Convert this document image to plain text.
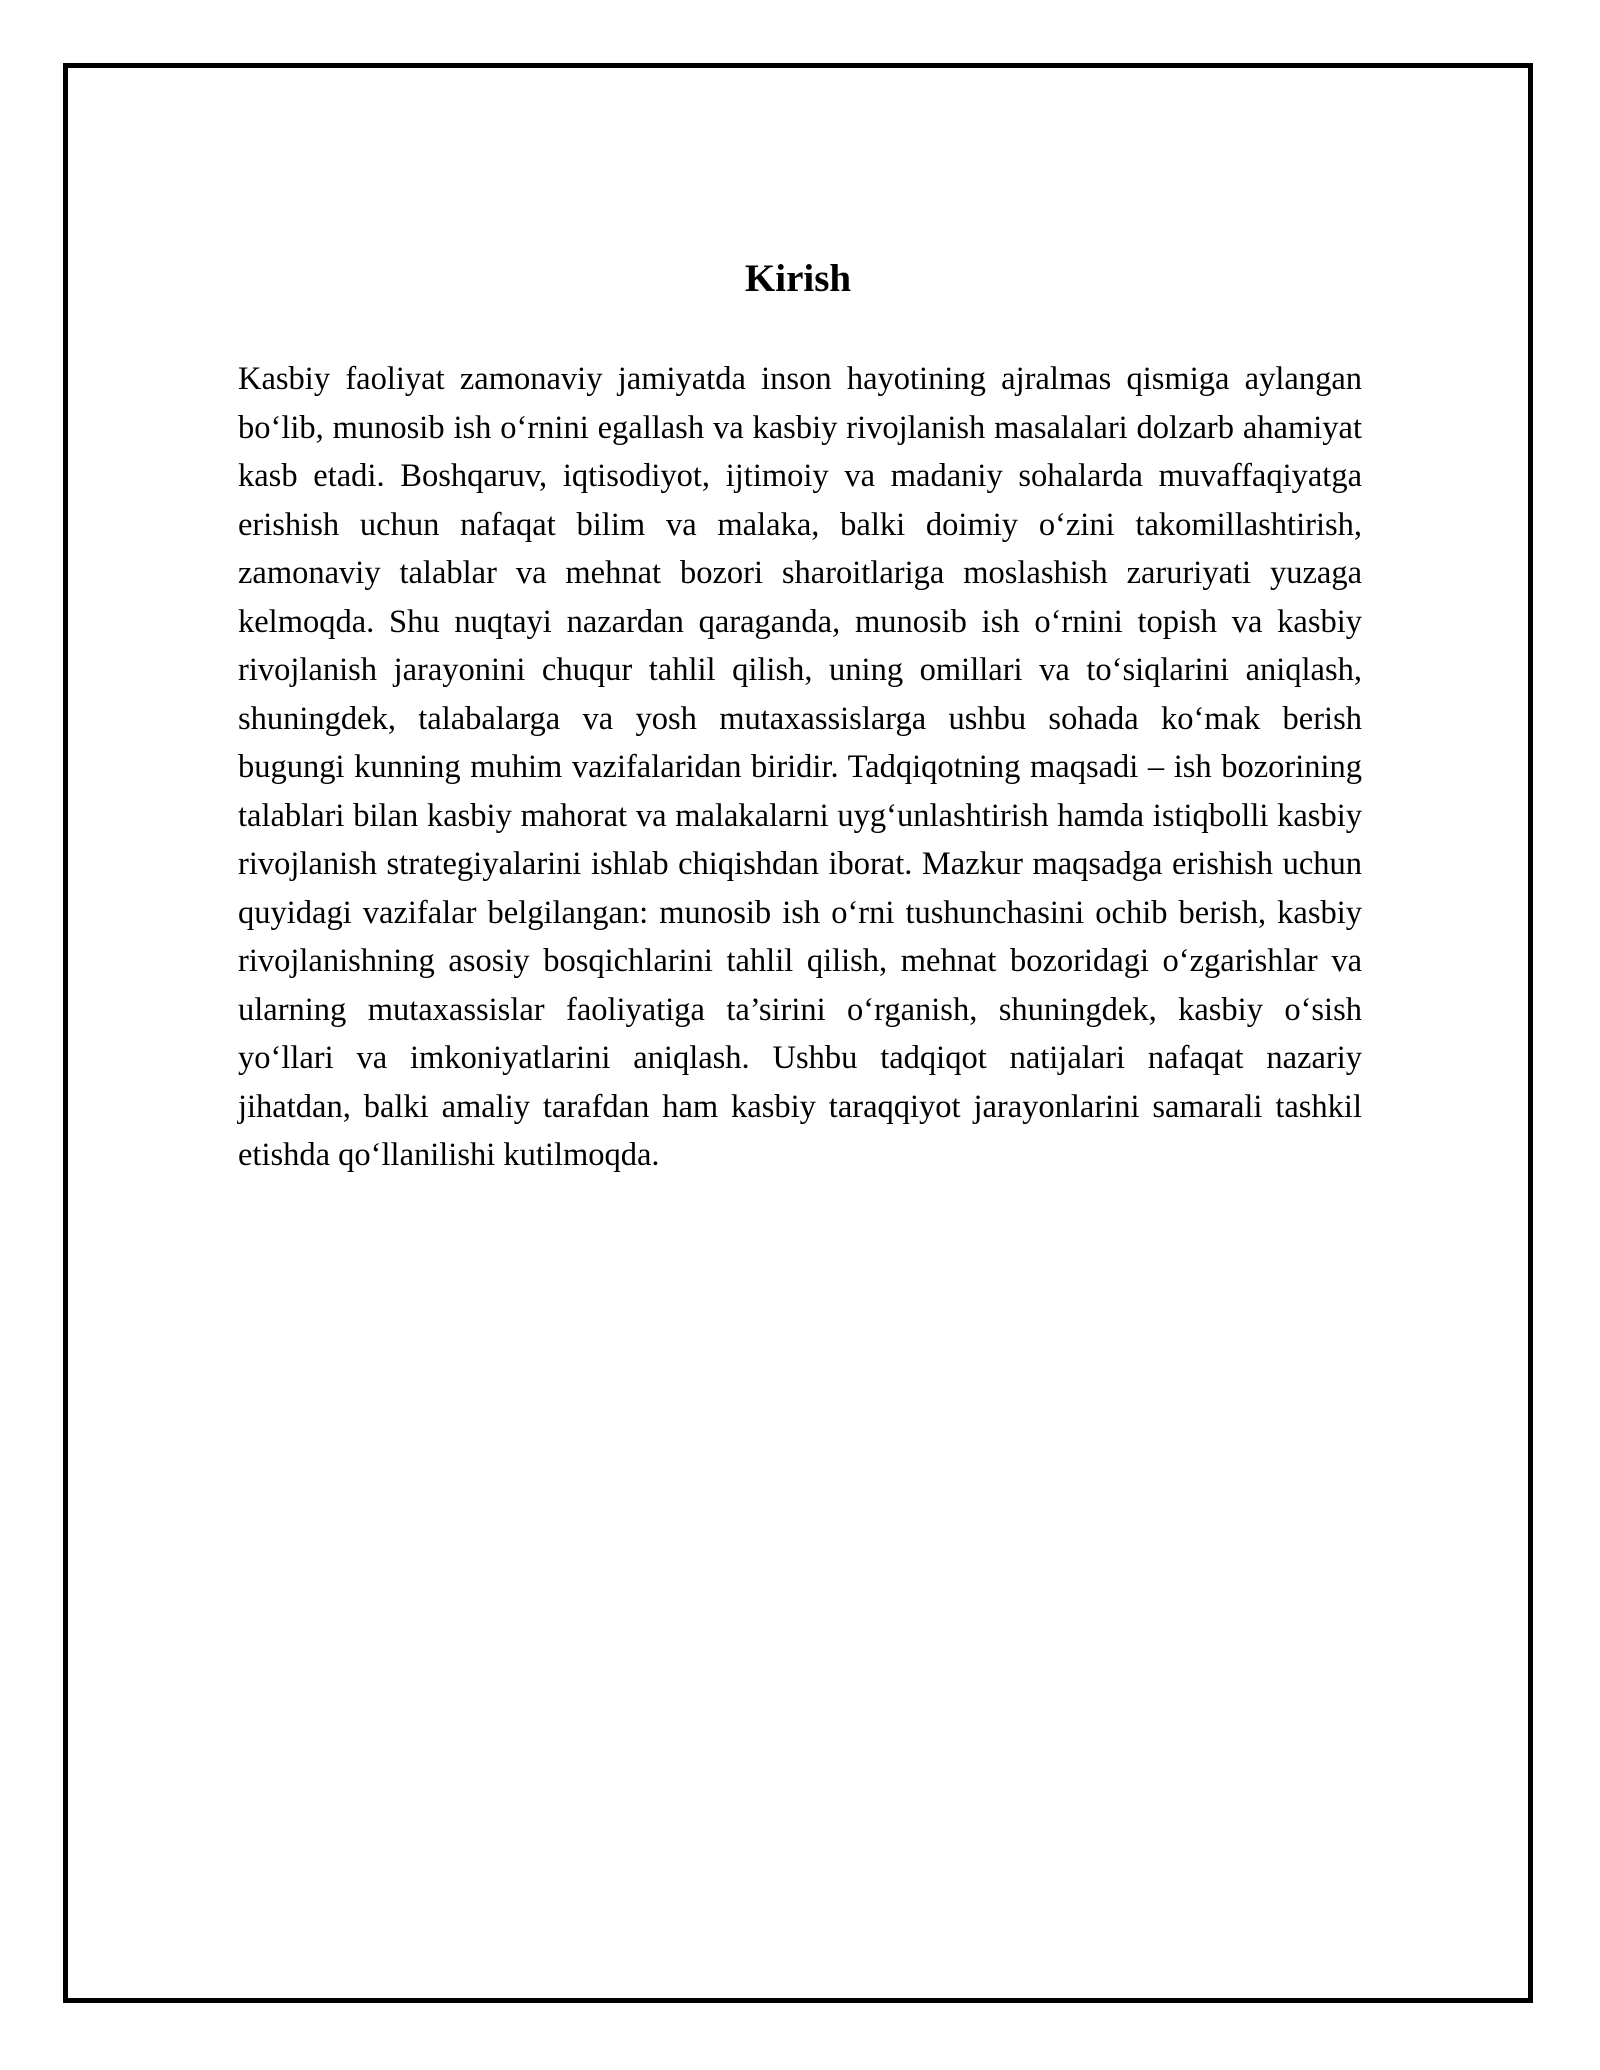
Kirish

Kasbiy faoliyat zamonaviy jamiyatda inson hayotining ajralmas qismiga aylangan bo‘lib, munosib ish o‘rnini egallash va kasbiy rivojlanish masalalari dolzarb ahamiyat kasb etadi. Boshqaruv, iqtisodiyot, ijtimoiy va madaniy sohalarda muvaffaqiyatga erishish uchun nafaqat bilim va malaka, balki doimiy o‘zini takomillashtirish, zamonaviy talablar va mehnat bozori sharoitlariga moslashish zaruriyati yuzaga kelmoqda. Shu nuqtayi nazardan qaraganda, munosib ish o‘rnini topish va kasbiy rivojlanish jarayonini chuqur tahlil qilish, uning omillari va to‘siqlarini aniqlash, shuningdek, talabalarga va yosh mutaxassislarga ushbu sohada ko‘mak berish bugungi kunning muhim vazifalaridan biridir. Tadqiqotning maqsadi – ish bozorining talablari bilan kasbiy mahorat va malakalarni uyg‘unlashtirish hamda istiqbolli kasbiy rivojlanish strategiyalarini ishlab chiqishdan iborat. Mazkur maqsadga erishish uchun quyidagi vazifalar belgilangan: munosib ish o‘rni tushunchasini ochib berish, kasbiy rivojlanishning asosiy bosqichlarini tahlil qilish, mehnat bozoridagi o‘zgarishlar va ularning mutaxassislar faoliyatiga ta’sirini o‘rganish, shuningdek, kasbiy o‘sish yo‘llari va imkoniyatlarini aniqlash. Ushbu tadqiqot natijalari nafaqat nazariy jihatdan, balki amaliy tarafdan ham kasbiy taraqqiyot jarayonlarini samarali tashkil etishda qo‘llanilishi kutilmoqda.
